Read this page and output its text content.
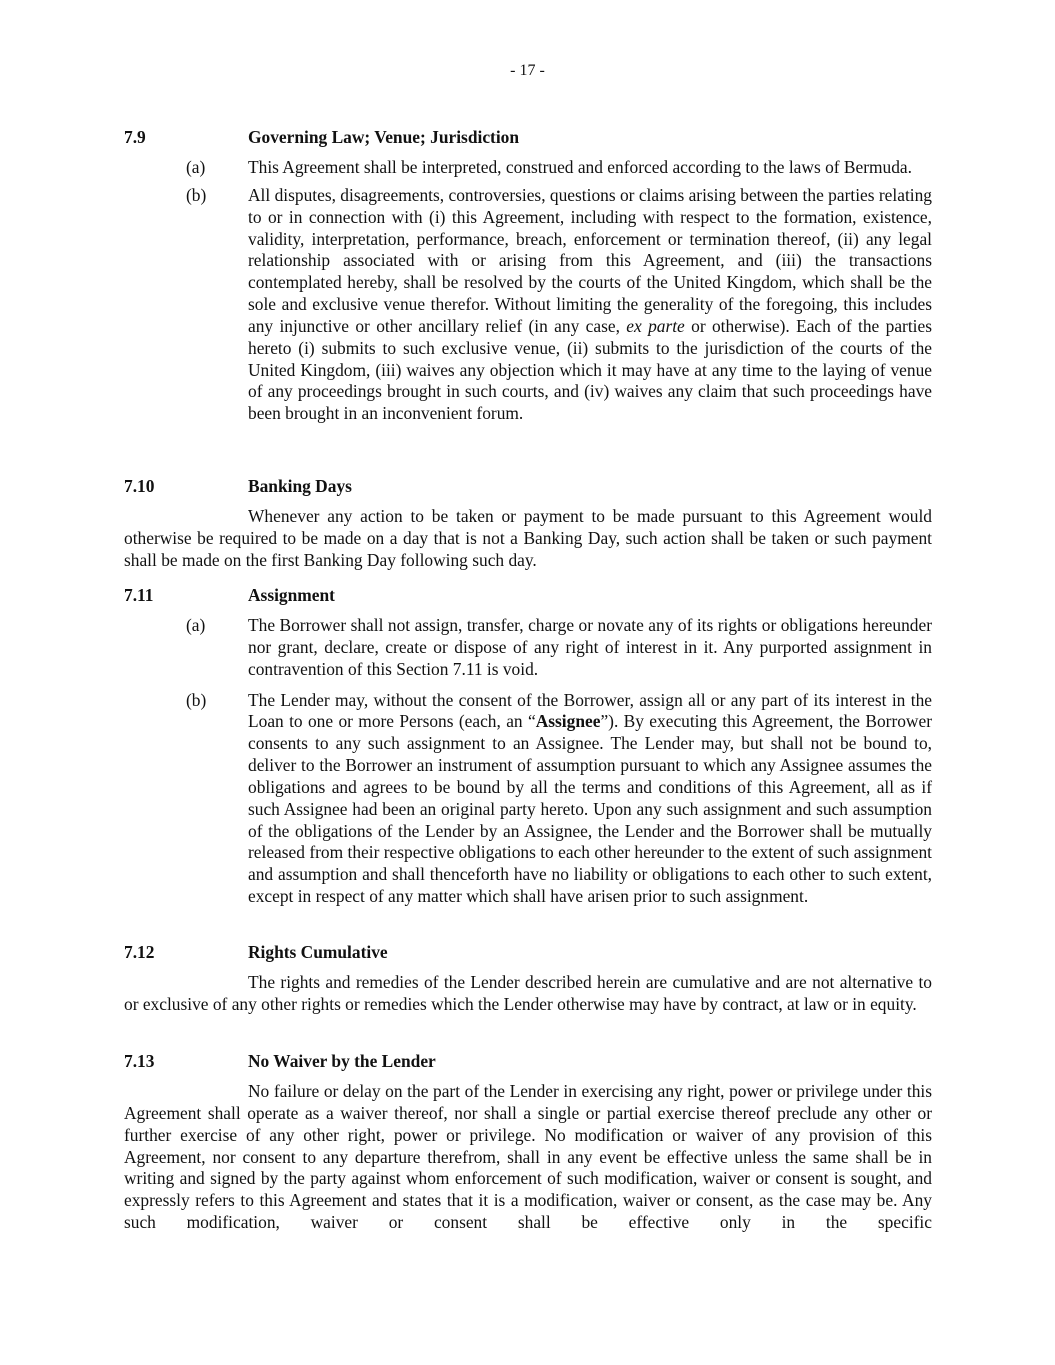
- 17 -
7.9	Governing Law; Venue; Jurisdiction
(a) This Agreement shall be interpreted, construed and enforced according to the laws of Bermuda.
(b) All disputes, disagreements, controversies, questions or claims arising between the parties relating to or in connection with (i) this Agreement, including with respect to the formation, existence, validity, interpretation, performance, breach, enforcement or termination thereof, (ii) any legal relationship associated with or arising from this Agreement, and (iii) the transactions contemplated hereby, shall be resolved by the courts of the United Kingdom, which shall be the sole and exclusive venue therefor. Without limiting the generality of the foregoing, this includes any injunctive or other ancillary relief (in any case, ex parte or otherwise). Each of the parties hereto (i) submits to such exclusive venue, (ii) submits to the jurisdiction of the courts of the United Kingdom, (iii) waives any objection which it may have at any time to the laying of venue of any proceedings brought in such courts, and (iv) waives any claim that such proceedings have been brought in an inconvenient forum.
7.10	Banking Days
Whenever any action to be taken or payment to be made pursuant to this Agreement would otherwise be required to be made on a day that is not a Banking Day, such action shall be taken or such payment shall be made on the first Banking Day following such day.
7.11	Assignment
(a) The Borrower shall not assign, transfer, charge or novate any of its rights or obligations hereunder nor grant, declare, create or dispose of any right of interest in it. Any purported assignment in contravention of this Section 7.11 is void.
(b) The Lender may, without the consent of the Borrower, assign all or any part of its interest in the Loan to one or more Persons (each, an “Assignee”). By executing this Agreement, the Borrower consents to any such assignment to an Assignee. The Lender may, but shall not be bound to, deliver to the Borrower an instrument of assumption pursuant to which any Assignee assumes the obligations and agrees to be bound by all the terms and conditions of this Agreement, all as if such Assignee had been an original party hereto. Upon any such assignment and such assumption of the obligations of the Lender by an Assignee, the Lender and the Borrower shall be mutually released from their respective obligations to each other hereunder to the extent of such assignment and assumption and shall thenceforth have no liability or obligations to each other to such extent, except in respect of any matter which shall have arisen prior to such assignment.
7.12	Rights Cumulative
The rights and remedies of the Lender described herein are cumulative and are not alternative to or exclusive of any other rights or remedies which the Lender otherwise may have by contract, at law or in equity.
7.13	No Waiver by the Lender
No failure or delay on the part of the Lender in exercising any right, power or privilege under this Agreement shall operate as a waiver thereof, nor shall a single or partial exercise thereof preclude any other or further exercise of any other right, power or privilege. No modification or waiver of any provision of this Agreement, nor consent to any departure therefrom, shall in any event be effective unless the same shall be in writing and signed by the party against whom enforcement of such modification, waiver or consent is sought, and expressly refers to this Agreement and states that it is a modification, waiver or consent, as the case may be. Any such modification, waiver or consent shall be effective only in the specific
